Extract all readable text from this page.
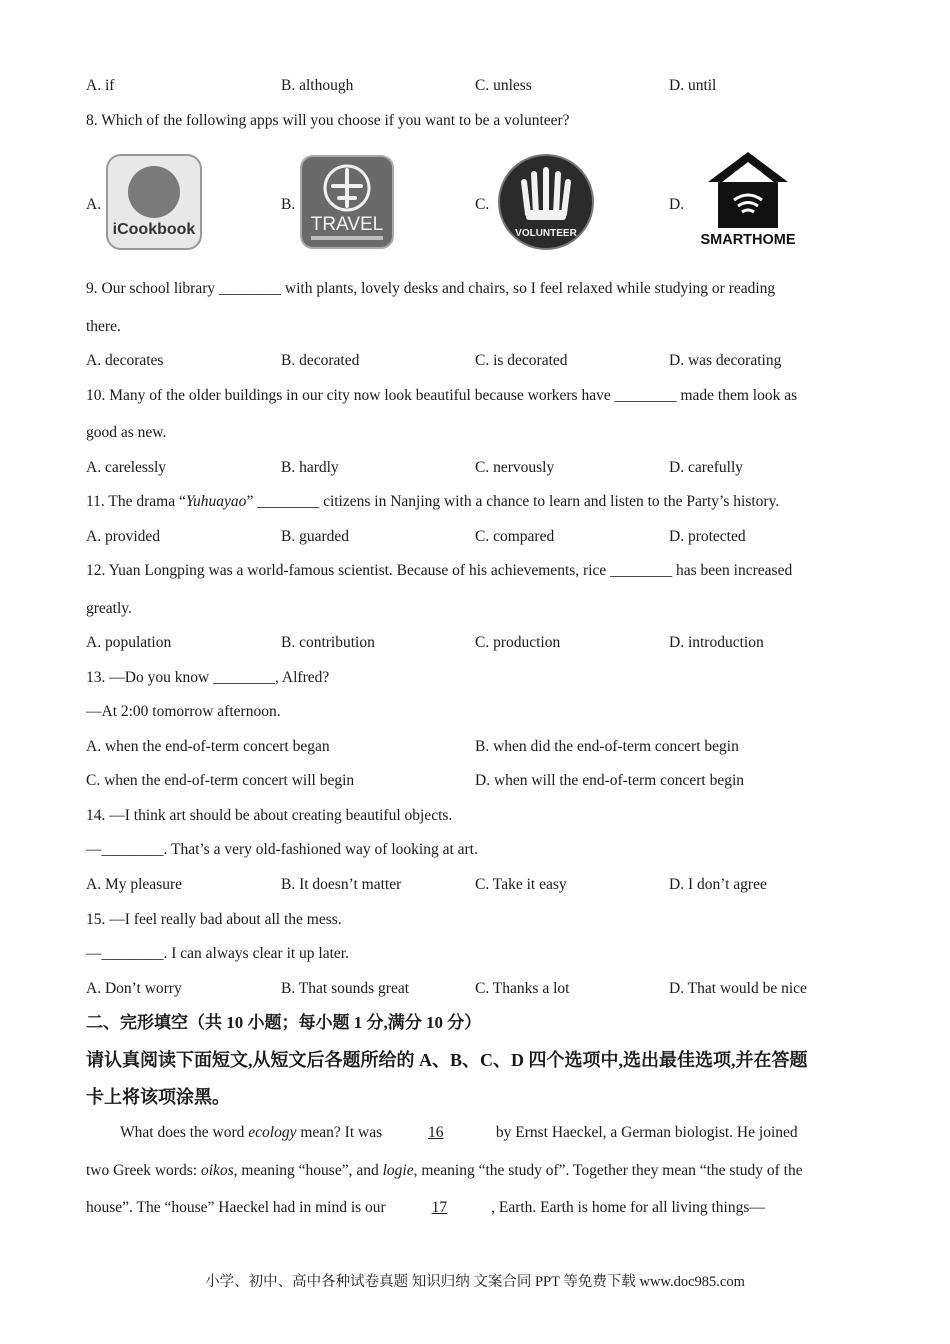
A. if	B. although	C. unless	D. until
8. Which of the following apps will you choose if you want to be a volunteer?
A.	B.	C.	D.
iCookbook	TRAVEL	VOLUNTEER	SMARTHOME
9. Our school library ________ with plants, lovely desks and chairs, so I feel relaxed while studying or reading
there.
A. decorates	B. decorated	C. is decorated	D. was decorating
10. Many of the older buildings in our city now look beautiful because workers have ________ made them look as
good as new.
A. carelessly	B. hardly	C. nervously	D. carefully
11. The drama “Yuhuayao” ________ citizens in Nanjing with a chance to learn and listen to the Party’s history.
A. provided	B. guarded	C. compared	D. protected
12. Yuan Longping was a world-famous scientist. Because of his achievements, rice ________ has been increased
greatly.
A. population	B. contribution	C. production	D. introduction
13. —Do you know ________, Alfred?
—At 2:00 tomorrow afternoon.
A. when the end-of-term concert began	B. when did the end-of-term concert begin
C. when the end-of-term concert will begin	D. when will the end-of-term concert begin
14. —I think art should be about creating beautiful objects.
—________. That’s a very old-fashioned way of looking at art.
A. My pleasure	B. It doesn’t matter	C. Take it easy	D. I don’t agree
15. —I feel really bad about all the mess.
—________. I can always clear it up later.
A. Don’t worry	B. That sounds great	C. Thanks a lot	D. That would be nice
二、完形填空（共 10 小题；每小题 1 分,满分 10 分）
请认真阅读下面短文,从短文后各题所给的 A、B、C、D 四个选项中,选出最佳选项,并在答题
卡上将该项涂黑。
What does the word ecology mean? It was	16	by Ernst Haeckel, a German biologist. He joined
two Greek words: oikos, meaning “house”, and logie, meaning “the study of”. Together they mean “the study of the
house”. The “house” Haeckel had in mind is our	17	, Earth. Earth is home for all living things—
小学、初中、高中各种试卷真题 知识归纳 文案合同 PPT 等免费下载 www.doc985.com
